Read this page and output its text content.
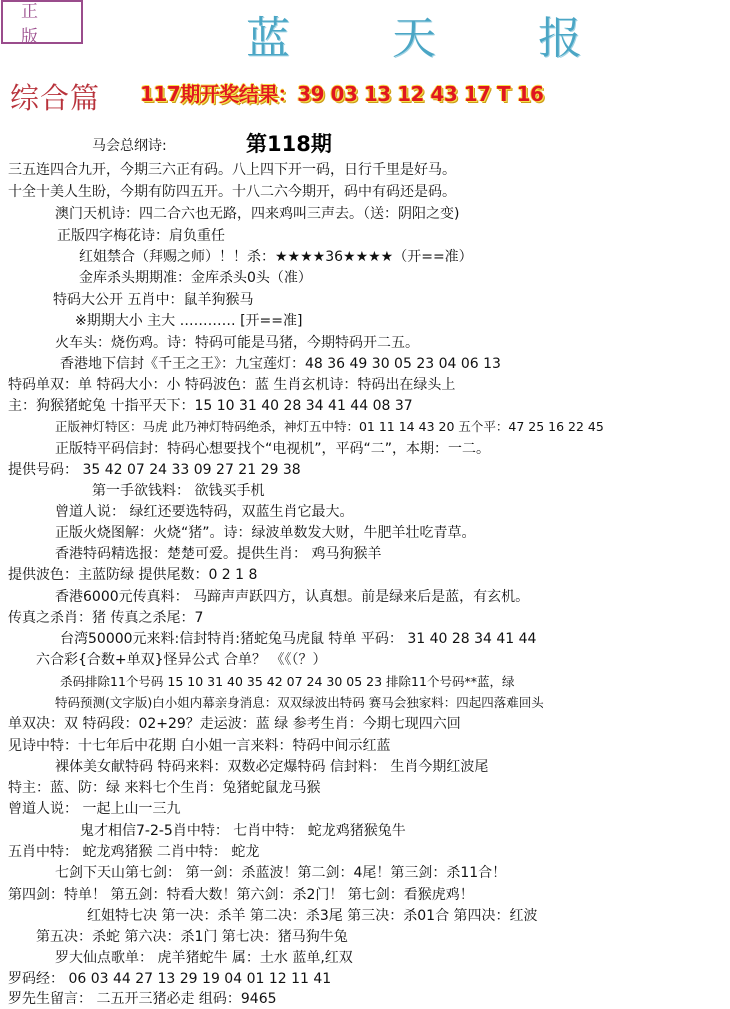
正 版	蓝 天 报
综合篇 117期开奖结果：39 03 13 12 43 17 T 16
第118期
马会总纲诗:
三五连四合九开，今期三六正有码。八上四下开一码，日行千里是好马。
十全十美人生盼，今期有防四五开。十八二六今期开，码中有码还是码。
澳门天机诗：四二合六也无路，四来鸡叫三声去。（送：阴阳之变)
正版四字梅花诗：肩负重任
红姐禁合（拜赐之师）！！杀：★★★★36★★★★（开==准）
金库杀头期期准：金库杀头0头（准）
特码大公开 五肖中：鼠羊狗猴马
※期期大小 主大 ………… [开==准]
火车头：烧伤鸡。诗：特码可能是马猪，今期特码开二五。
香港地下信封《千王之王》：九宝莲灯：48 36 49 30 05 23 04 06 13
特码单双：单 特码大小：小 特码波色：蓝 生肖玄机诗：特码出在绿头上
主：狗猴猪蛇兔 十指平天下：15 10 31 40 28 34 41 44 08 37
正版神灯特区：马虎 此乃神灯特码绝杀，神灯五中特：01 11 14 43 20 五个平：47 25 16 22 45
正版特平码信封：特码心想要找个“电视机”，平码“二”，本期：一二。
提供号码： 35 42 07 24 33 09 27 21 29 38
第一手欲钱料： 欲钱买手机
曾道人说： 绿红还要选特码，双蓝生肖它最大。
正版火烧图解：火烧“猪”。诗：绿波单数发大财，牛肥羊壮吃青草。
香港特码精选报：楚楚可爱。提供生肖： 鸡马狗猴羊
提供波色：主蓝防绿 提供尾数：0 2 1 8
香港6000元传真料： 马蹄声声跃四方，认真想。前是绿来后是蓝，有玄机。
传真之杀肖：猪 传真之杀尾：7
台湾50000元来料:信封特肖:猪蛇兔马虎鼠 特单 平码： 31 40 28 34 41 44
六合彩{合数+单双}怪异公式 合单？ 《《（？）
杀码排除11个号码 15 10 31 40 35 42 07 24 30 05 23 排除11个号码**蓝，绿
特码预测(文字版)白小姐内幕亲身消息：双双绿波出特码 赛马会独家料：四起四落难回头
单双决：双 特码段：02+29？走运波：蓝 绿 参考生肖：今期七现四六回
见诗中特：十七年后中花期 白小姐一言来料：特码中间示红蓝
裸体美女献特码 特码来料：双数必定爆特码 信封料： 生肖今期红波尾
特主：蓝、防：绿 来料七个生肖：兔猪蛇鼠龙马猴
曾道人说： 一起上山一三九
鬼才相信7-2-5肖中特： 七肖中特： 蛇龙鸡猪猴兔牛
五肖中特： 蛇龙鸡猪猴 二肖中特： 蛇龙
七剑下天山第七剑： 第一剑：杀蓝波！第二剑：4尾！第三剑：杀11合！
第四剑：特单！ 第五剑：特看大数！第六剑：杀2门！ 第七剑：看猴虎鸡！
红姐特七决 第一决：杀羊 第二决：杀3尾 第三决：杀01合 第四决：红波
第五决：杀蛇 第六决：杀1门 第七决：猪马狗牛兔
罗大仙点歌单： 虎羊猪蛇牛 属：土水 蓝单,红双
罗码经： 06 03 44 27 13 29 19 04 01 12 11 41
罗先生留言： 二五开三猪必走 组码：9465
